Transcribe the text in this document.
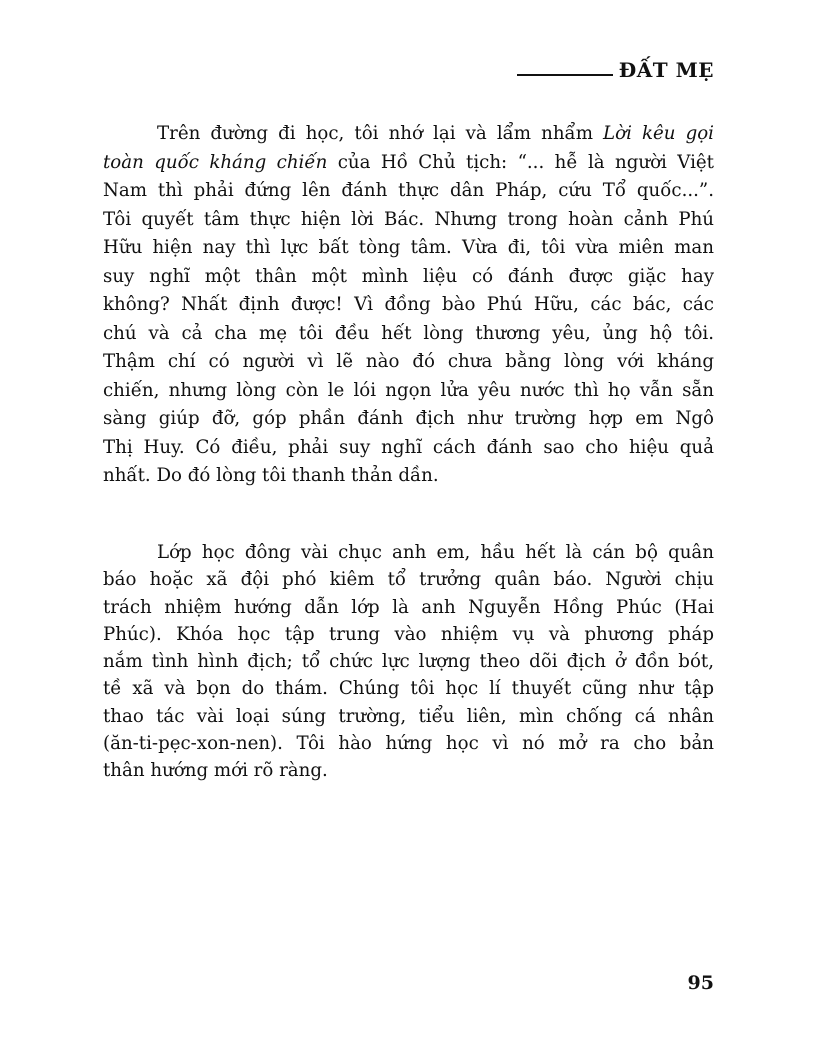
ĐẤT MẸ
Trên đường đi học, tôi nhớ lại và lẩm nhẩm Lời kêu gọi
toàn quốc kháng chiến của Hồ Chủ tịch: “... hễ là người Việt
Nam thì phải đứng lên đánh thực dân Pháp, cứu Tổ quốc...”.
Tôi quyết tâm thực hiện lời Bác. Nhưng trong hoàn cảnh Phú
Hữu hiện nay thì lực bất tòng tâm. Vừa đi, tôi vừa miên man
suy nghĩ một thân một mình liệu có đánh được giặc hay
không? Nhất định được! Vì đồng bào Phú Hữu, các bác, các
chú và cả cha mẹ tôi đều hết lòng thương yêu, ủng hộ tôi.
Thậm chí có người vì lẽ nào đó chưa bằng lòng với kháng
chiến, nhưng lòng còn le lói ngọn lửa yêu nước thì họ vẫn sẵn
sàng giúp đỡ, góp phần đánh địch như trường hợp em Ngô
Thị Huy. Có điều, phải suy nghĩ cách đánh sao cho hiệu quả
nhất. Do đó lòng tôi thanh thản dần.
Lớp học đông vài chục anh em, hầu hết là cán bộ quân
báo hoặc xã đội phó kiêm tổ trưởng quân báo. Người chịu
trách nhiệm hướng dẫn lớp là anh Nguyễn Hồng Phúc (Hai
Phúc). Khóa học tập trung vào nhiệm vụ và phương pháp
nắm tình hình địch; tổ chức lực lượng theo dõi địch ở đồn bót,
tề xã và bọn do thám. Chúng tôi học lí thuyết cũng như tập
thao tác vài loại súng trường, tiểu liên, mìn chống cá nhân
(ăn-ti-pẹc-xon-nen). Tôi hào hứng học vì nó mở ra cho bản
thân hướng mới rõ ràng.
95
